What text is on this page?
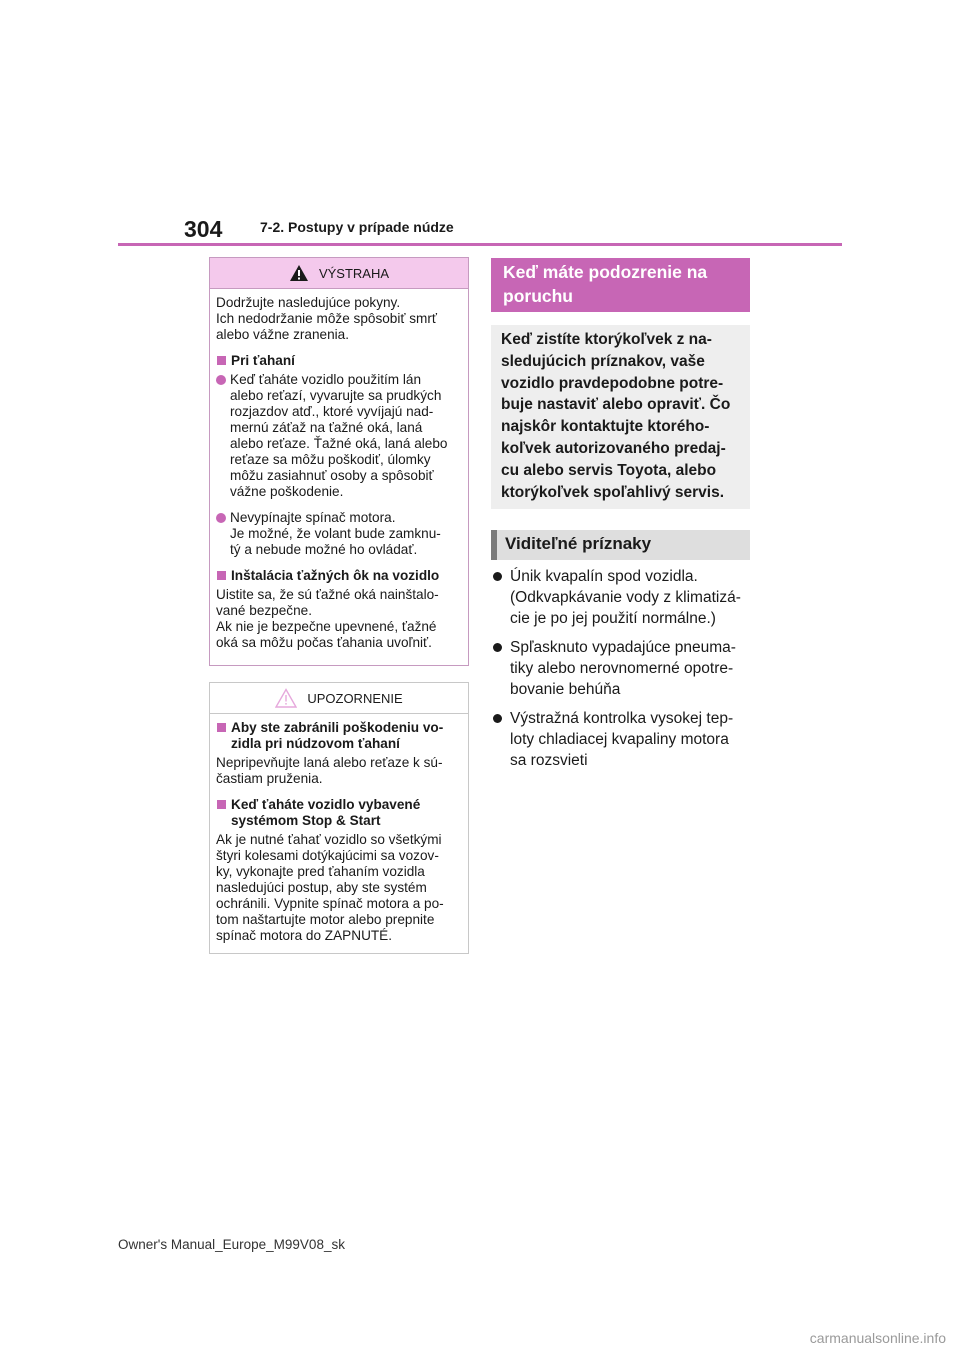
304	7-2. Postupy v prípade núdze
VÝSTRAHA

Dodržujte nasledujúce pokyny.
Ich nedodržanie môže spôsobiť smrť
alebo vážne zranenia.

Pri ťahaní
Keď ťaháte vozidlo použitím lán
alebo reťazí, vyvarujte sa prudkých
rozjazdov atď., ktoré vyvíjajú nad-
mernú záťaž na ťažné oká, laná
alebo reťaze. Ťažné oká, laná alebo
reťaze sa môžu poškodiť, úlomky
môžu zasiahnuť osoby a spôsobiť
vážne poškodenie.
Nevypínajte spínač motora.
Je možné, že volant bude zamknu-
tý a nebude možné ho ovládať.
Inštalácia ťažných ôk na vozidlo

Uistite sa, že sú ťažné oká nainštalo-
vané bezpečne.
Ak nie je bezpečne upevnené, ťažné
oká sa môžu počas ťahania uvoľniť.

UPOZORNENIE
Aby ste zabránili poškodeniu vo-
zidla pri núdzovom ťahaní

Nepripevňujte laná alebo reťaze k sú-
častiam pruženia.

Keď ťaháte vozidlo vybavené
systémom Stop & Start

Ak je nutné ťahať vozidlo so všetkými
štyri kolesami dotýkajúcimi sa vozov-
ky, vykonajte pred ťahaním vozidla
nasledujúci postup, aby ste systém
ochránili. Vypnite spínač motora a po-
tom naštartujte motor alebo prepnite
spínač motora do ZAPNUTÉ.

Keď máte podozrenie na
poruchu
Keď zistíte ktorýkoľvek z na-
sledujúcich príznakov, vaše
vozidlo pravdepodobne potre-
buje nastaviť alebo opraviť. Čo
najskôr kontaktujte ktorého-
koľvek autorizovaného predaj-
cu alebo servis Toyota, alebo
ktorýkoľvek spoľahlivý servis.
Viditeľné príznaky
Únik kvapalín spod vozidla.
(Odkvapkávanie vody z klimatizá-
cie je po jej použití normálne.)
Spľasknuto vypadajúce pneuma-
tiky alebo nerovnomerné opotre-
bovanie behúňa
Výstražná kontrolka vysokej tep-
loty chladiacej kvapaliny motora
sa rozsvieti
Owner's Manual_Europe_M99V08_sk
carmanualsonline.info
